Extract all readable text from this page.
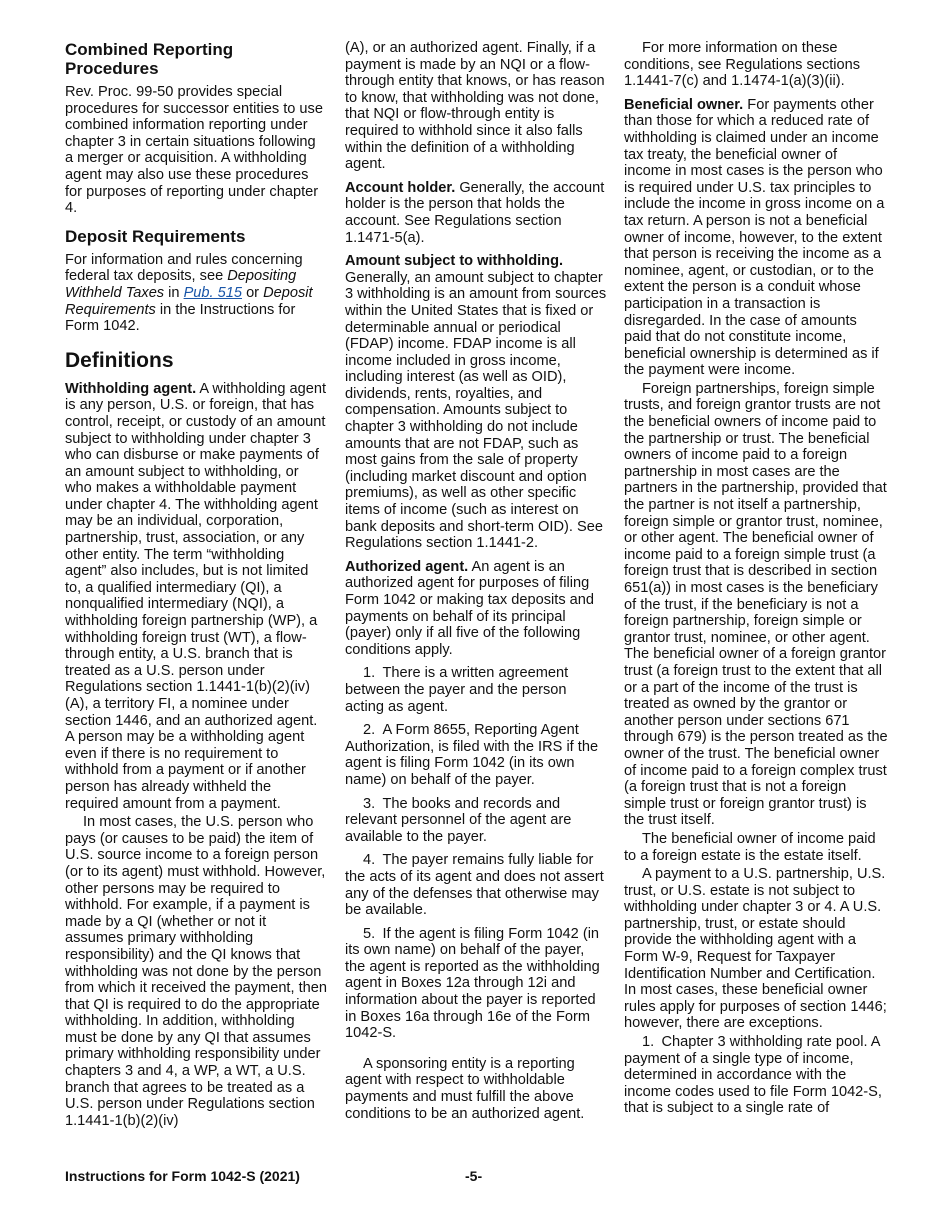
Combined Reporting Procedures

Rev. Proc. 99-50 provides special procedures for successor entities to use combined information reporting under chapter 3 in certain situations following a merger or acquisition. A withholding agent may also use these procedures for purposes of reporting under chapter 4.

Deposit Requirements

For information and rules concerning federal tax deposits, see Depositing Withheld Taxes in Pub. 515 or Deposit Requirements in the Instructions for Form 1042.

Definitions

Withholding agent. A withholding agent is any person, U.S. or foreign, that has control, receipt, or custody of an amount subject to withholding under chapter 3 who can disburse or make payments of an amount subject to withholding, or who makes a withholdable payment under chapter 4. The withholding agent may be an individual, corporation, partnership, trust, association, or any other entity. The term “withholding agent” also includes, but is not limited to, a qualified intermediary (QI), a nonqualified intermediary (NQI), a withholding foreign partnership (WP), a withholding foreign trust (WT), a flow-through entity, a U.S. branch that is treated as a U.S. person under Regulations section 1.1441-1(b)(2)(iv)(A), a territory FI, a nominee under section 1446, and an authorized agent. A person may be a withholding agent even if there is no requirement to withhold from a payment or if another person has already withheld the required amount from a payment.

In most cases, the U.S. person who pays (or causes to be paid) the item of U.S. source income to a foreign person (or to its agent) must withhold. However, other persons may be required to withhold. For example, if a payment is made by a QI (whether or not it assumes primary withholding responsibility) and the QI knows that withholding was not done by the person from which it received the payment, then that QI is required to do the appropriate withholding. In addition, withholding must be done by any QI that assumes primary withholding responsibility under chapters 3 and 4, a WP, a WT, a U.S. branch that agrees to be treated as a U.S. person under Regulations section 1.1441-1(b)(2)(iv)

(A), or an authorized agent. Finally, if a payment is made by an NQI or a flow-through entity that knows, or has reason to know, that withholding was not done, that NQI or flow-through entity is required to withhold since it also falls within the definition of a withholding agent.

Account holder. Generally, the account holder is the person that holds the account. See Regulations section 1.1471-5(a).

Amount subject to withholding. Generally, an amount subject to chapter 3 withholding is an amount from sources within the United States that is fixed or determinable annual or periodical (FDAP) income. FDAP income is all income included in gross income, including interest (as well as OID), dividends, rents, royalties, and compensation. Amounts subject to chapter 3 withholding do not include amounts that are not FDAP, such as most gains from the sale of property (including market discount and option premiums), as well as other specific items of income (such as interest on bank deposits and short-term OID). See Regulations section 1.1441-2.

Authorized agent. An agent is an authorized agent for purposes of filing Form 1042 or making tax deposits and payments on behalf of its principal (payer) only if all five of the following conditions apply.

1. There is a written agreement between the payer and the person acting as agent.

2. A Form 8655, Reporting Agent Authorization, is filed with the IRS if the agent is filing Form 1042 (in its own name) on behalf of the payer.

3. The books and records and relevant personnel of the agent are available to the payer.

4. The payer remains fully liable for the acts of its agent and does not assert any of the defenses that otherwise may be available.

5. If the agent is filing Form 1042 (in its own name) on behalf of the payer, the agent is reported as the withholding agent in Boxes 12a through 12i and information about the payer is reported in Boxes 16a through 16e of the Form 1042-S.

A sponsoring entity is a reporting agent with respect to withholdable payments and must fulfill the above conditions to be an authorized agent.

For more information on these conditions, see Regulations sections 1.1441-7(c) and 1.1474-1(a)(3)(ii).

Beneficial owner. For payments other than those for which a reduced rate of withholding is claimed under an income tax treaty, the beneficial owner of income in most cases is the person who is required under U.S. tax principles to include the income in gross income on a tax return. A person is not a beneficial owner of income, however, to the extent that person is receiving the income as a nominee, agent, or custodian, or to the extent the person is a conduit whose participation in a transaction is disregarded. In the case of amounts paid that do not constitute income, beneficial ownership is determined as if the payment were income.

Foreign partnerships, foreign simple trusts, and foreign grantor trusts are not the beneficial owners of income paid to the partnership or trust. The beneficial owners of income paid to a foreign partnership in most cases are the partners in the partnership, provided that the partner is not itself a partnership, foreign simple or grantor trust, nominee, or other agent. The beneficial owner of income paid to a foreign simple trust (a foreign trust that is described in section 651(a)) in most cases is the beneficiary of the trust, if the beneficiary is not a foreign partnership, foreign simple or grantor trust, nominee, or other agent. The beneficial owner of a foreign grantor trust (a foreign trust to the extent that all or a part of the income of the trust is treated as owned by the grantor or another person under sections 671 through 679) is the person treated as the owner of the trust. The beneficial owner of income paid to a foreign complex trust (a foreign trust that is not a foreign simple trust or foreign grantor trust) is the trust itself.

The beneficial owner of income paid to a foreign estate is the estate itself.

A payment to a U.S. partnership, U.S. trust, or U.S. estate is not subject to withholding under chapter 3 or 4. A U.S. partnership, trust, or estate should provide the withholding agent with a Form W-9, Request for Taxpayer Identification Number and Certification. In most cases, these beneficial owner rules apply for purposes of section 1446; however, there are exceptions.

1. Chapter 3 withholding rate pool. A payment of a single type of income, determined in accordance with the income codes used to file Form 1042-S, that is subject to a single rate of

Instructions for Form 1042-S (2021)	-5-
